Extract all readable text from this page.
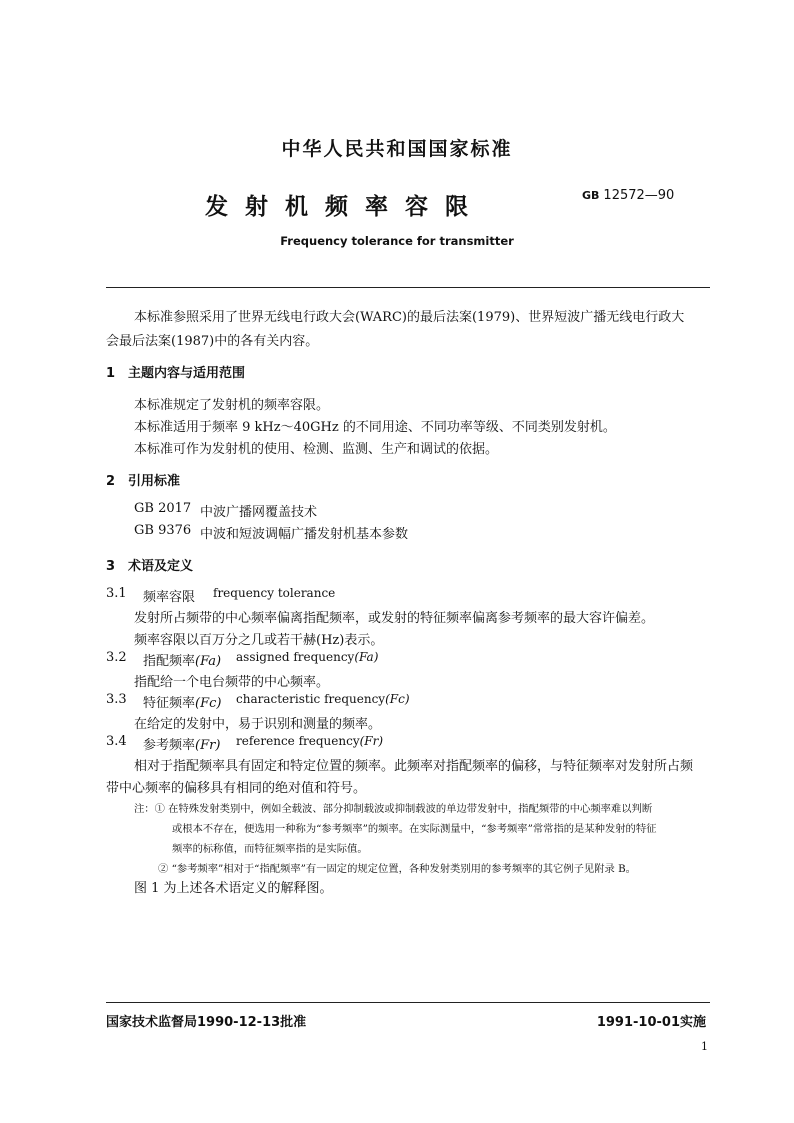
中华人民共和国国家标准
发射机频率容限	GB 12572—90
Frequency tolerance for transmitter
本标准参照采用了世界无线电行政大会(WARC)的最后法案(1979)、世界短波广播无线电行政大
会最后法案(1987)中的各有关内容。
1　主题内容与适用范围
本标准规定了发射机的频率容限。
本标准适用于频率 9 kHz～40GHz 的不同用途、不同功率等级、不同类别发射机。
本标准可作为发射机的使用、检测、监测、生产和调试的依据。
2　引用标准
GB 2017 中波广播网覆盖技术
GB 9376 中波和短波调幅广播发射机基本参数
3　术语及定义
3.1 频率容限 frequency tolerance
发射所占频带的中心频率偏离指配频率，或发射的特征频率偏离参考频率的最大容许偏差。
频率容限以百万分之几或若干赫(Hz)表示。
3.2 指配频率(Fa) assigned frequency(Fa)
指配给一个电台频带的中心频率。
3.3 特征频率(Fc) characteristic frequency(Fc)
在给定的发射中，易于识别和测量的频率。
3.4 参考频率(Fr) reference frequency(Fr)
相对于指配频率具有固定和特定位置的频率。此频率对指配频率的偏移，与特征频率对发射所占频
带中心频率的偏移具有相同的绝对值和符号。
注：① 在特殊发射类别中，例如全载波、部分抑制载波或抑制载波的单边带发射中，指配频带的中心频率难以判断
或根本不存在，便选用一种称为“参考频率”的频率。在实际测量中，“参考频率”常常指的是某种发射的特征
频率的标称值，而特征频率指的是实际值。
② “参考频率”相对于“指配频率”有一固定的规定位置，各种发射类别用的参考频率的其它例子见附录 B。
图 1 为上述各术语定义的解释图。
国家技术监督局1990-12-13批准	1991-10-01实施
1
